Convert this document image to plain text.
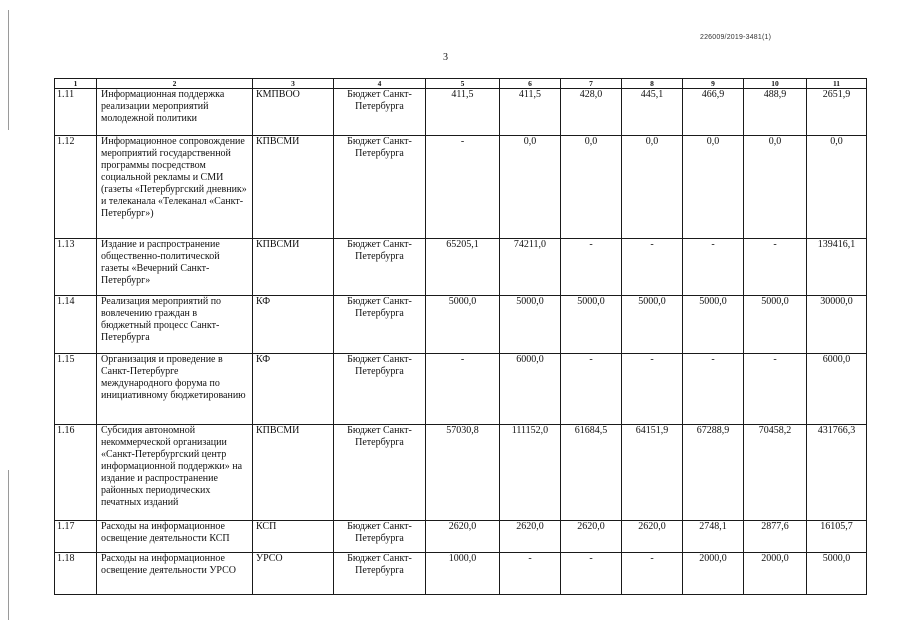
226009/2019-3481(1)
3
1	2	3	4	5	6	7	8	9	10	11
1.11	Информационная поддержка реализации мероприятий молодежной политики	КМПВОО	Бюджет Санкт-Петербурга	411,5	411,5	428,0	445,1	466,9	488,9	2651,9
1.12	Информационное сопровождение мероприятий государственной программы посредством социальной рекламы и СМИ (газеты «Петербургский дневник» и телеканала «Телеканал «Санкт-Петербург»)	КПВСМИ	Бюджет Санкт-Петербурга	-	0,0	0,0	0,0	0,0	0,0	0,0
1.13	Издание и распространение общественно-политической газеты «Вечерний Санкт-Петербург»	КПВСМИ	Бюджет Санкт-Петербурга	65205,1	74211,0	-	-	-	-	139416,1
1.14	Реализация мероприятий по вовлечению граждан в бюджетный процесс Санкт-Петербурга	КФ	Бюджет Санкт-Петербурга	5000,0	5000,0	5000,0	5000,0	5000,0	5000,0	30000,0
1.15	Организация и проведение в Санкт-Петербурге международного форума по инициативному бюджетированию	КФ	Бюджет Санкт-Петербурга	-	6000,0	-	-	-	-	6000,0
1.16	Субсидия автономной некоммерческой организации «Санкт-Петербургский центр информационной поддержки» на издание и распространение районных периодических печатных изданий	КПВСМИ	Бюджет Санкт-Петербурга	57030,8	111152,0	61684,5	64151,9	67288,9	70458,2	431766,3
1.17	Расходы на информационное освещение деятельности КСП	КСП	Бюджет Санкт-Петербурга	2620,0	2620,0	2620,0	2620,0	2748,1	2877,6	16105,7
1.18	Расходы на информационное освещение деятельности УРСО	УРСО	Бюджет Санкт-Петербурга	1000,0	-	-	-	2000,0	2000,0	5000,0
